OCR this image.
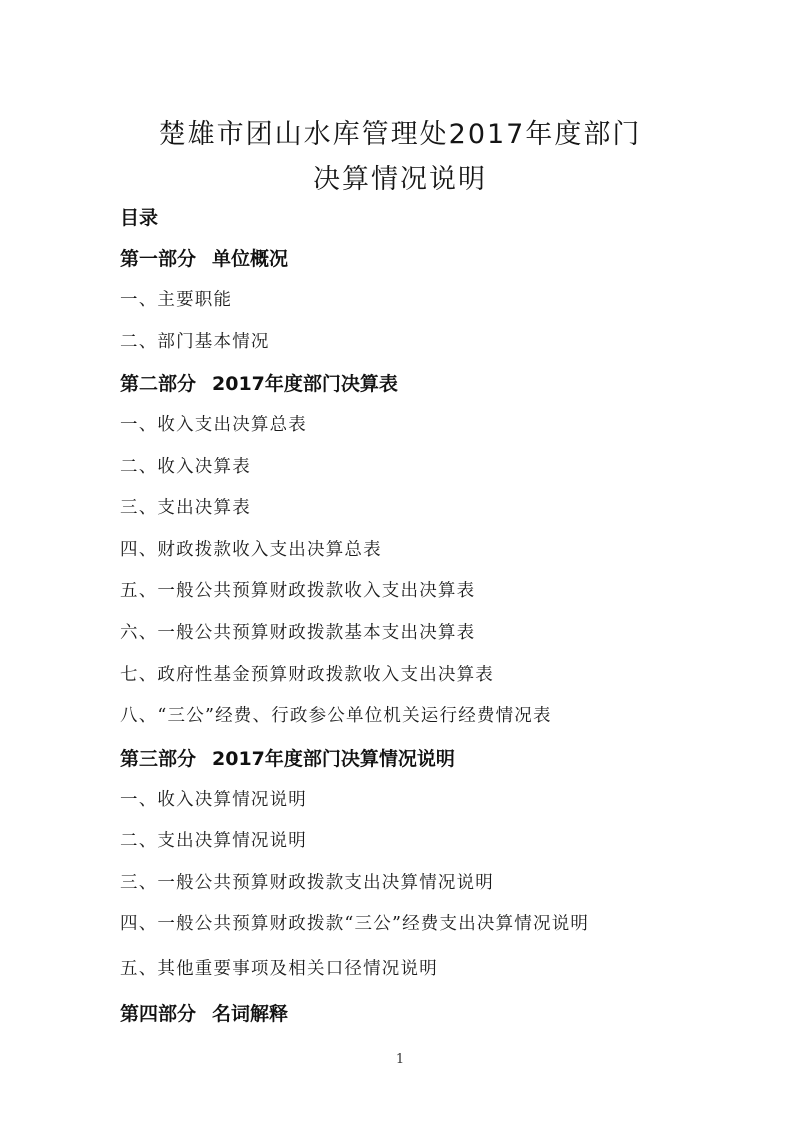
楚雄市团山水库管理处2017年度部门
决算情况说明
目录
第一部分 单位概况
一、主要职能
二、部门基本情况
第二部分 2017年度部门决算表
一、收入支出决算总表
二、收入决算表
三、支出决算表
四、财政拨款收入支出决算总表
五、一般公共预算财政拨款收入支出决算表
六、一般公共预算财政拨款基本支出决算表
七、政府性基金预算财政拨款收入支出决算表
八、“三公”经费、行政参公单位机关运行经费情况表
第三部分 2017年度部门决算情况说明
一、收入决算情况说明
二、支出决算情况说明
三、一般公共预算财政拨款支出决算情况说明
四、一般公共预算财政拨款“三公”经费支出决算情况说明
五、其他重要事项及相关口径情况说明
第四部分 名词解释
1
